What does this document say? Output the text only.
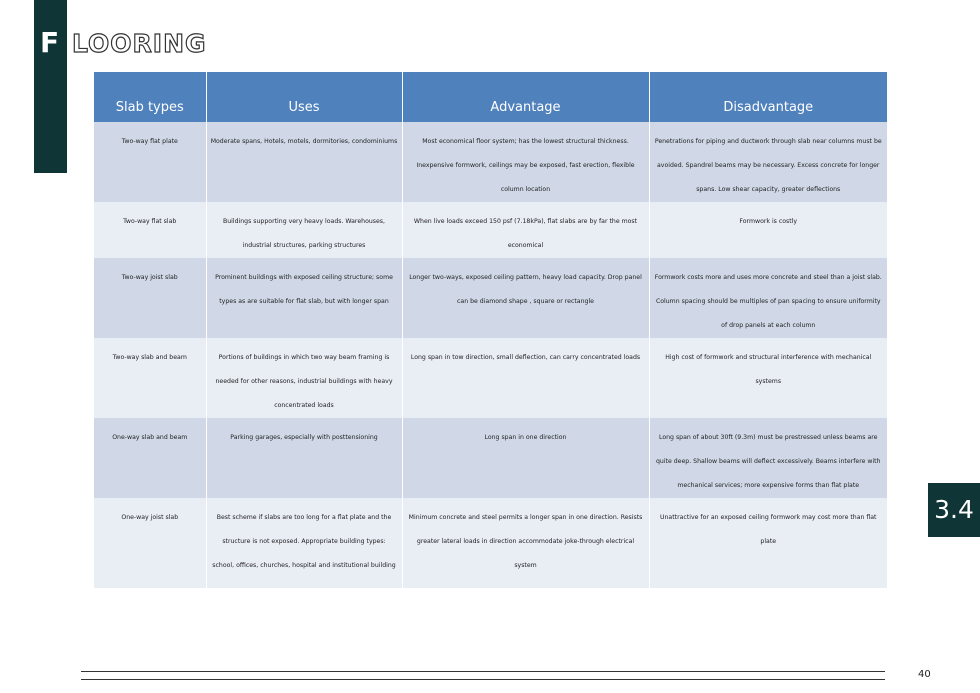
F LOORING
Slab types	Uses	Advantage	Disadvantage
Two-way flat plate	Moderate spans, Hotels, motels, dormitories, condominiums	Most economical floor system; has the lowest structural thickness. Inexpensive formwork, ceilings may be exposed, fast erection, flexible column location	Penetrations for piping and ductwork through slab near columns must be avoided. Spandrel beams may be necessary. Excess concrete for longer spans. Low shear capacity, greater deflections
Two-way flat slab	Buildings supporting very heavy loads. Warehouses, industrial structures, parking structures	When live loads exceed 150 psf (7.18kPa), flat slabs are by far the most economical	Formwork is costly
Two-way joist slab	Prominent buildings with exposed ceiling structure; some types as are suitable for flat slab, but with longer span	Longer two-ways, exposed ceiling pattern, heavy load capacity. Drop panel can be diamond shape , square or rectangle	Formwork costs more and uses more concrete and steel than a joist slab. Column spacing should be multiples of pan spacing to ensure uniformity of drop panels at each column
Two-way slab and beam	Portions of buildings in which two way beam framing is needed for other reasons, industrial buildings with heavy concentrated loads	Long span in tow direction, small deflection, can carry concentrated loads	High cost of formwork and structural interference with mechanical systems
One-way slab and beam	Parking garages, especially with posttensioning	Long span in one direction	Long span of about 30ft (9.3m) must be prestressed unless beams are quite deep. Shallow beams will deflect excessively. Beams interfere with mechanical services; more expensive forms than flat plate
One-way joist slab	Best scheme if slabs are too long for a flat plate and the structure is not exposed. Appropriate building types: school, offices, churches, hospital and institutional building	Minimum concrete and steel permits a longer span in one direction. Resists greater lateral loads in direction accommodate joke-through electrical system	Unattractive for an exposed ceiling formwork may cost more than flat plate
3.4
40
